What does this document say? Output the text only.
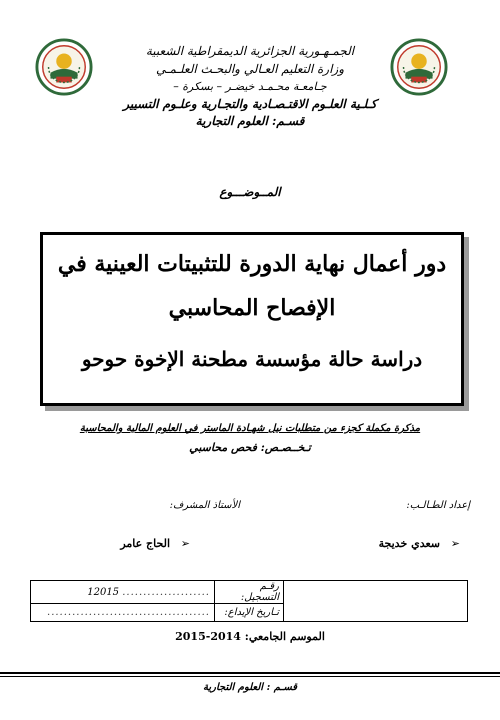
الجمـهـورية الجزائرية الديمقراطية الشعبية
وزارة التعليم العـالي والبحـث العلـمـي
جـامعـة محـمـد خيضـر – بسكرة –
كـلـية العلـوم الاقتـصـادية والتجـارية وعلـوم التسيير
قسـم: العلوم التجارية
المــوضـــوع
دور أعمال نهاية الدورة للتثبيتات العينية في
الإفصاح المحاسبي
دراسة حالة مؤسسة مطحنة الإخوة حوحو
مذكرة مكملة كجزء من متطلبات نيل شهـادة الماستر في العلوم المالية والمحاسبة
تـخــصـص: فحص محاسبي
إعداد الطـالـب:
الأستاذ المشرف:
➢
سعدي خديجة
➢
الحاج عامر
12015 .....................	رقـم التسجيل:	
.......................................	تـاريخ الإيداع:	
الموسم الجامعي: 2014-2015
قسـم : العلوم التجارية
